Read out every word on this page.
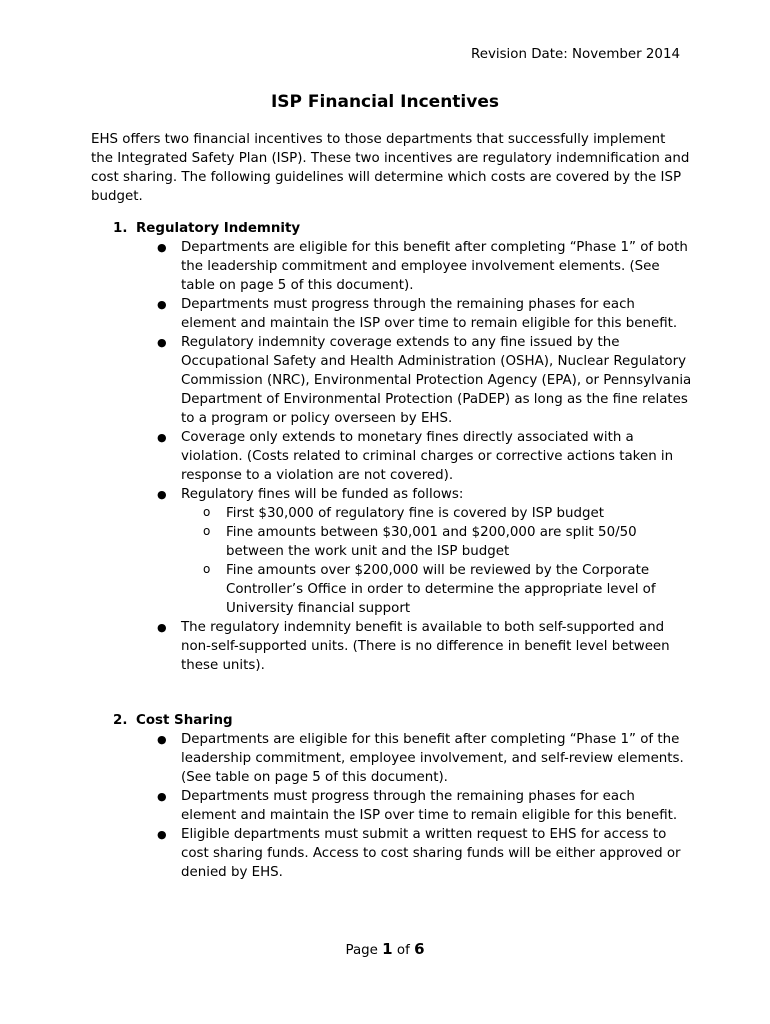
Revision Date: November 2014
ISP Financial Incentives

EHS offers two financial incentives to those departments that successfully implement the Integrated Safety Plan (ISP). These two incentives are regulatory indemnification and cost sharing. The following guidelines will determine which costs are covered by the ISP budget.

1. Regulatory Indemnity
● Departments are eligible for this benefit after completing “Phase 1” of both the leadership commitment and employee involvement elements. (See table on page 5 of this document).
● Departments must progress through the remaining phases for each element and maintain the ISP over time to remain eligible for this benefit.
● Regulatory indemnity coverage extends to any fine issued by the Occupational Safety and Health Administration (OSHA), Nuclear Regulatory Commission (NRC), Environmental Protection Agency (EPA), or Pennsylvania Department of Environmental Protection (PaDEP) as long as the fine relates to a program or policy overseen by EHS.
● Coverage only extends to monetary fines directly associated with a violation. (Costs related to criminal charges or corrective actions taken in response to a violation are not covered).
● Regulatory fines will be funded as follows:
o First $30,000 of regulatory fine is covered by ISP budget
o Fine amounts between $30,001 and $200,000 are split 50/50 between the work unit and the ISP budget
o Fine amounts over $200,000 will be reviewed by the Corporate Controller’s Office in order to determine the appropriate level of University financial support
● The regulatory indemnity benefit is available to both self-supported and non-self-supported units. (There is no difference in benefit level between these units).
2. Cost Sharing
● Departments are eligible for this benefit after completing “Phase 1” of the leadership commitment, employee involvement, and self-review elements. (See table on page 5 of this document).
● Departments must progress through the remaining phases for each element and maintain the ISP over time to remain eligible for this benefit.
● Eligible departments must submit a written request to EHS for access to cost sharing funds. Access to cost sharing funds will be either approved or denied by EHS.
Page 1 of 6
